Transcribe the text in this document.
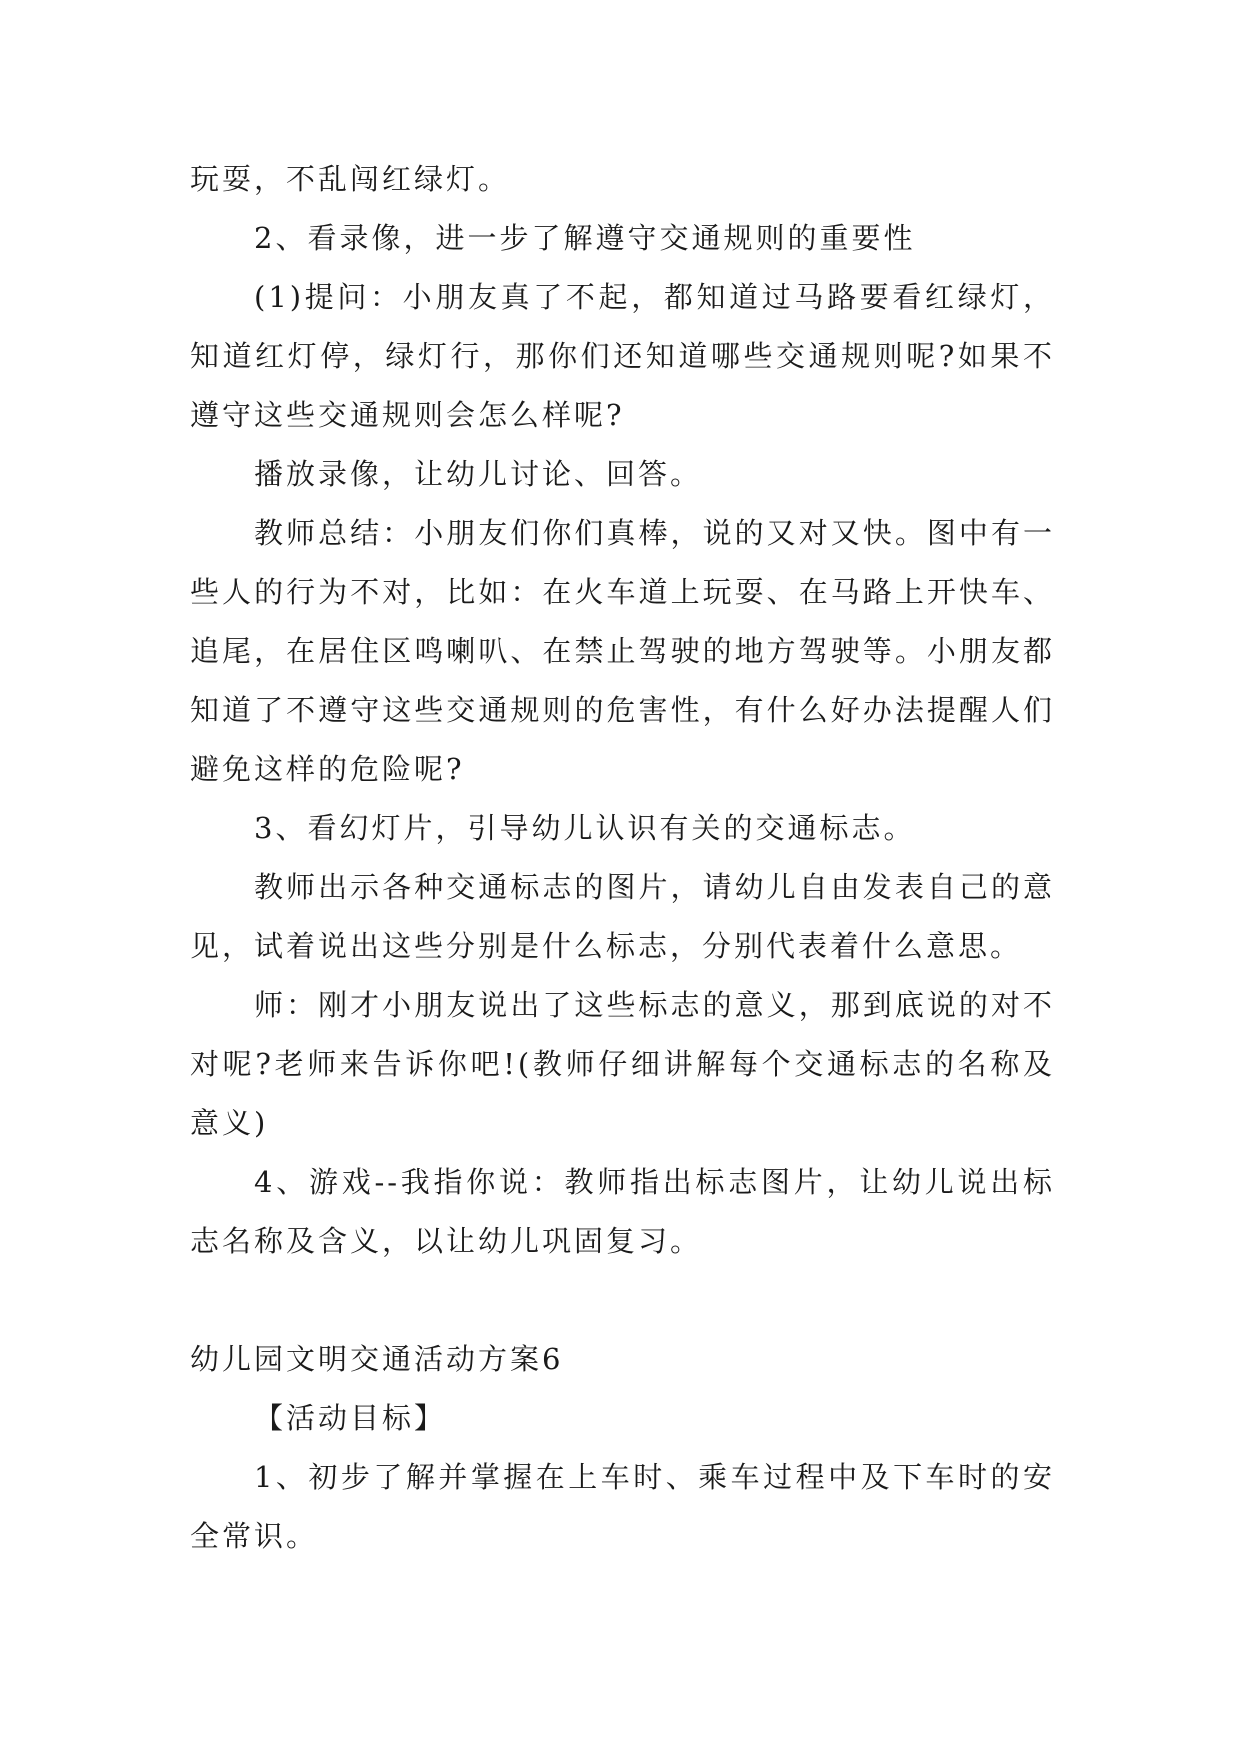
玩耍，不乱闯红绿灯。

2、看录像，进一步了解遵守交通规则的重要性

(1)提问：小朋友真了不起，都知道过马路要看红绿灯，知道红灯停，绿灯行，那你们还知道哪些交通规则呢?如果不遵守这些交通规则会怎么样呢?

播放录像，让幼儿讨论、回答。

教师总结：小朋友们你们真棒，说的又对又快。图中有一些人的行为不对，比如：在火车道上玩耍、在马路上开快车、追尾，在居住区鸣喇叭、在禁止驾驶的地方驾驶等。小朋友都知道了不遵守这些交通规则的危害性，有什么好办法提醒人们避免这样的危险呢?

3、看幻灯片，引导幼儿认识有关的交通标志。

教师出示各种交通标志的图片，请幼儿自由发表自己的意见，试着说出这些分别是什么标志，分别代表着什么意思。

师：刚才小朋友说出了这些标志的意义，那到底说的对不对呢?老师来告诉你吧!(教师仔细讲解每个交通标志的名称及意义)

4、游戏--我指你说：教师指出标志图片，让幼儿说出标志名称及含义，以让幼儿巩固复习。

幼儿园文明交通活动方案6

【活动目标】

1、初步了解并掌握在上车时、乘车过程中及下车时的安全常识。
